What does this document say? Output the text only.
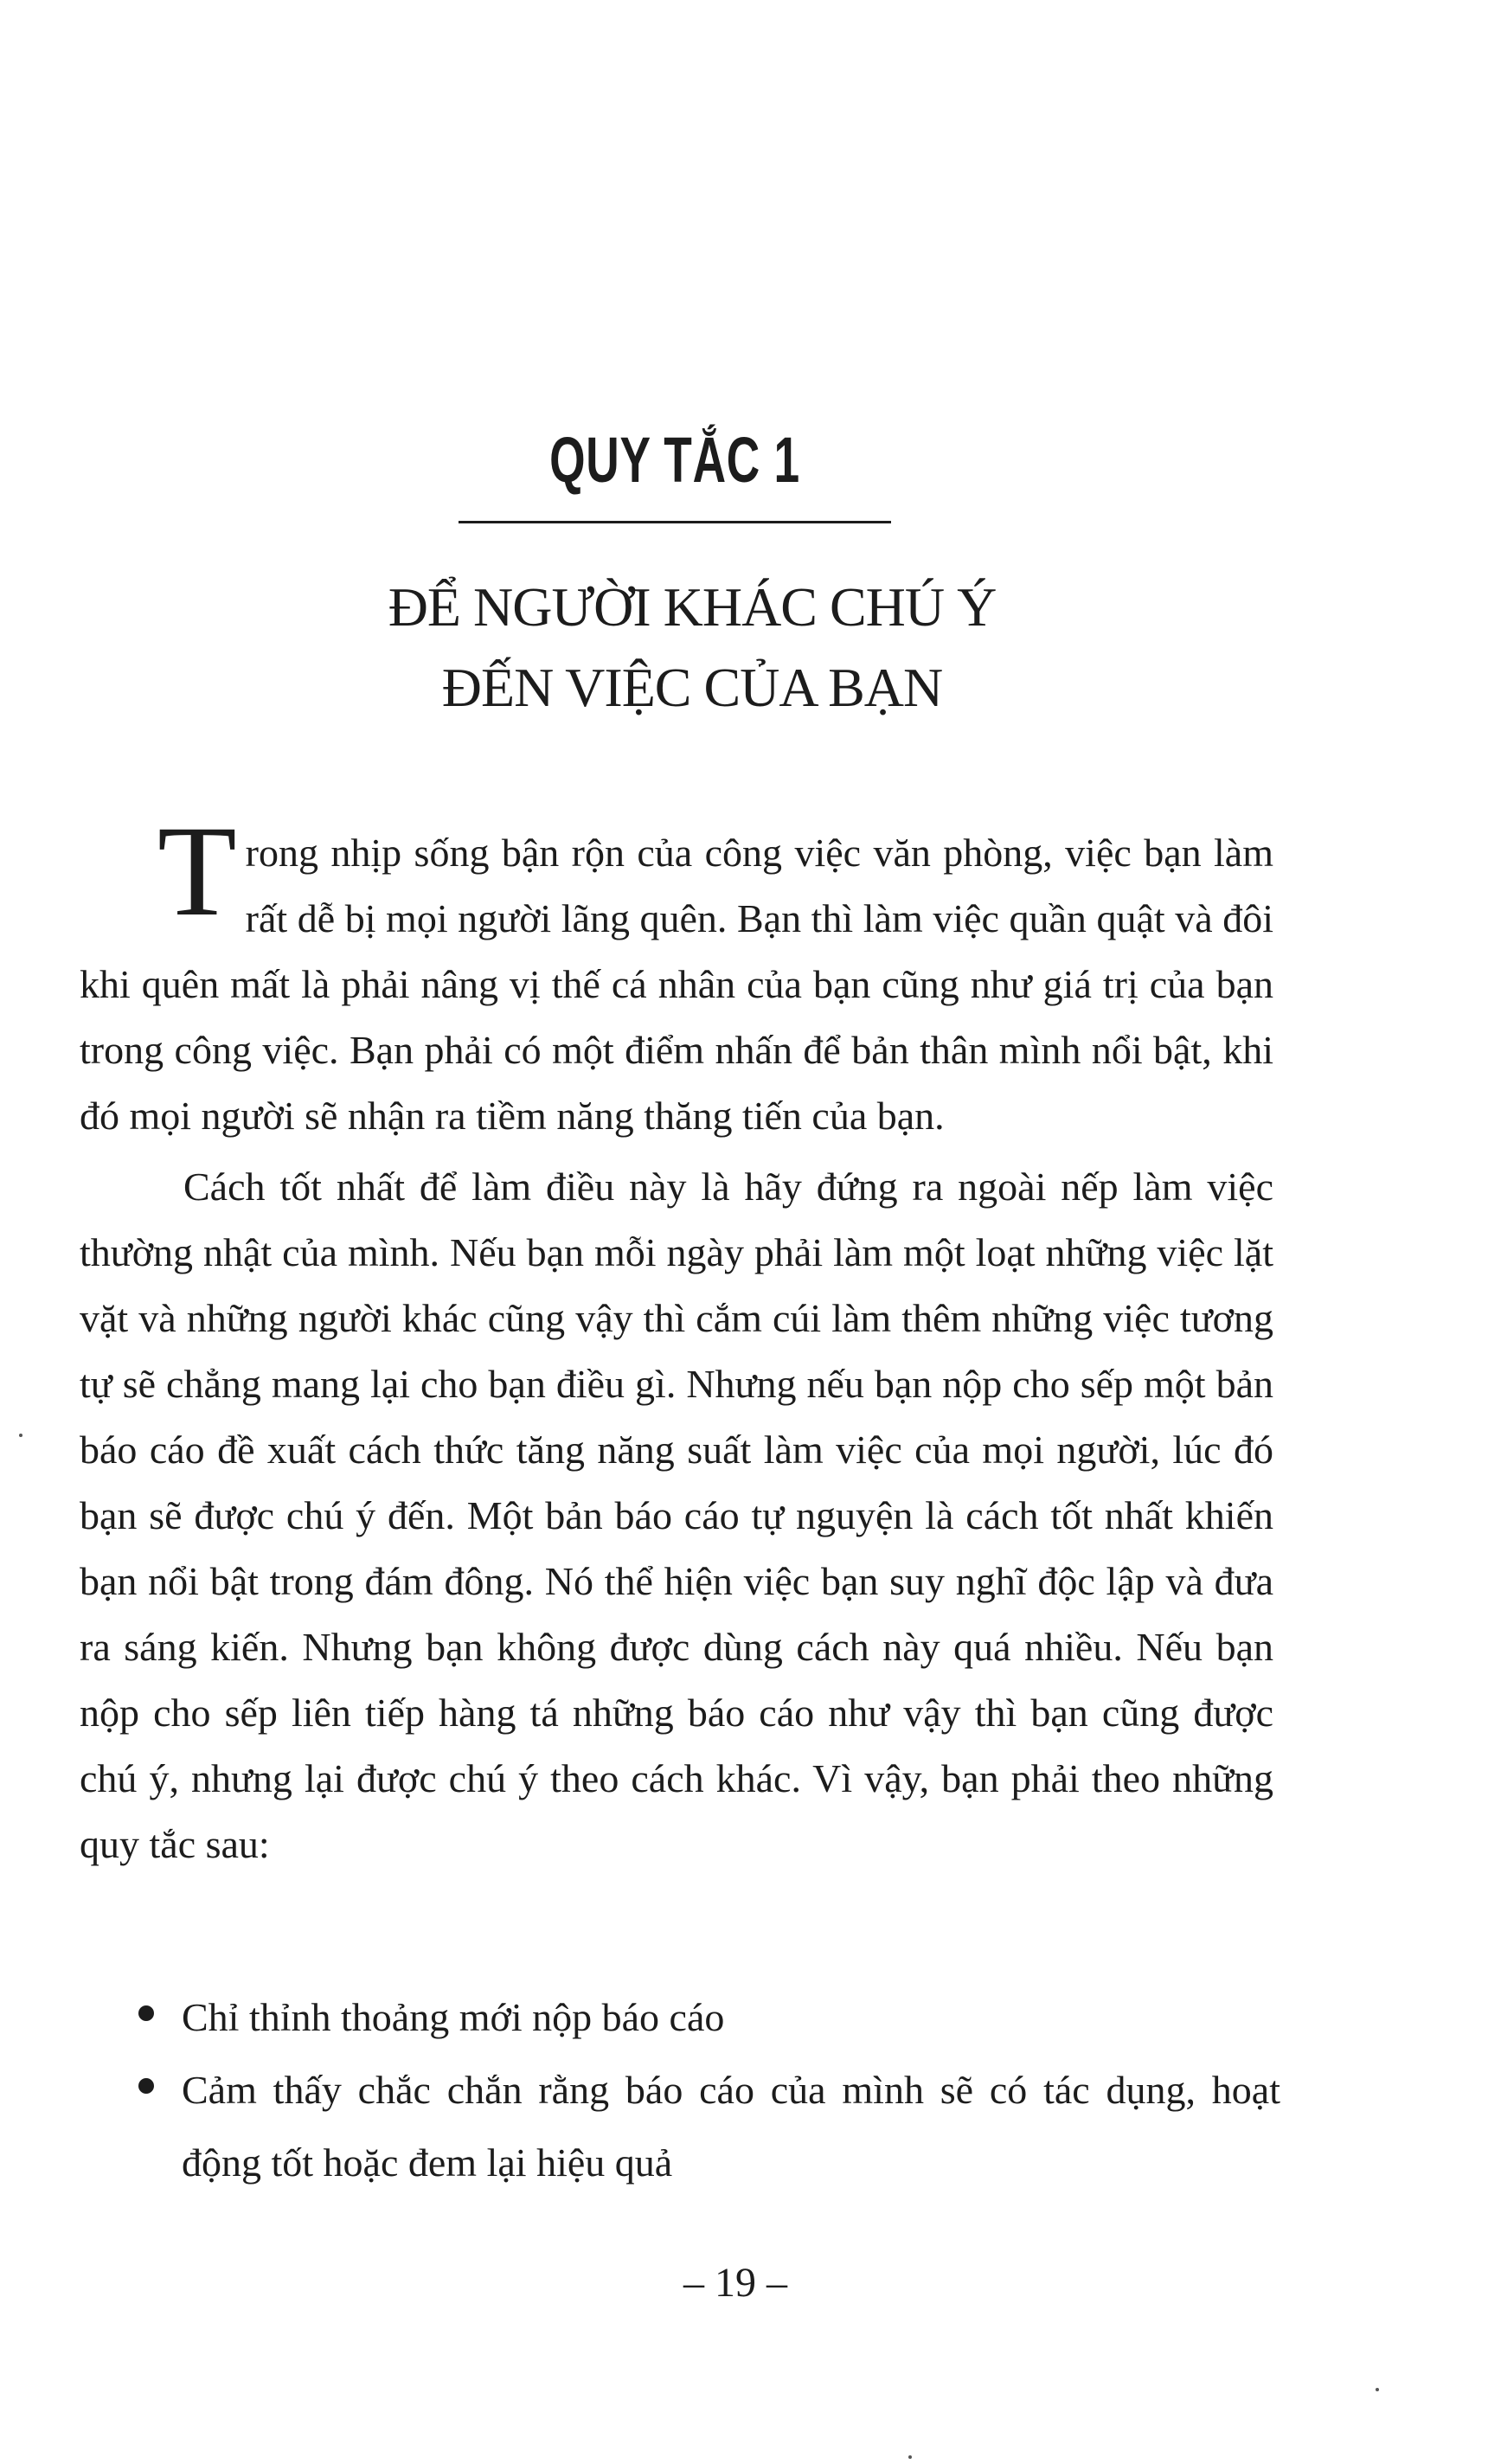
QUY TẮC 1
ĐỂ NGƯỜI KHÁC CHÚ Ý
ĐẾN VIỆC CỦA BẠN
Trong nhịp sống bận rộn của công việc văn phòng, việc bạn làm rất dễ bị mọi người lãng quên. Bạn thì làm việc quần quật và đôi khi quên mất là phải nâng vị thế cá nhân của bạn cũng như giá trị của bạn trong công việc. Bạn phải có một điểm nhấn để bản thân mình nổi bật, khi đó mọi người sẽ nhận ra tiềm năng thăng tiến của bạn.
Cách tốt nhất để làm điều này là hãy đứng ra ngoài nếp làm việc thường nhật của mình. Nếu bạn mỗi ngày phải làm một loạt những việc lặt vặt và những người khác cũng vậy thì cắm cúi làm thêm những việc tương tự sẽ chẳng mang lại cho bạn điều gì. Nhưng nếu bạn nộp cho sếp một bản báo cáo đề xuất cách thức tăng năng suất làm việc của mọi người, lúc đó bạn sẽ được chú ý đến. Một bản báo cáo tự nguyện là cách tốt nhất khiến bạn nổi bật trong đám đông. Nó thể hiện việc bạn suy nghĩ độc lập và đưa ra sáng kiến. Nhưng bạn không được dùng cách này quá nhiều. Nếu bạn nộp cho sếp liên tiếp hàng tá những báo cáo như vậy thì bạn cũng được chú ý, nhưng lại được chú ý theo cách khác. Vì vậy, bạn phải theo những quy tắc sau:
Chỉ thỉnh thoảng mới nộp báo cáo
Cảm thấy chắc chắn rằng báo cáo của mình sẽ có tác dụng, hoạt động tốt hoặc đem lại hiệu quả
– 19 –
